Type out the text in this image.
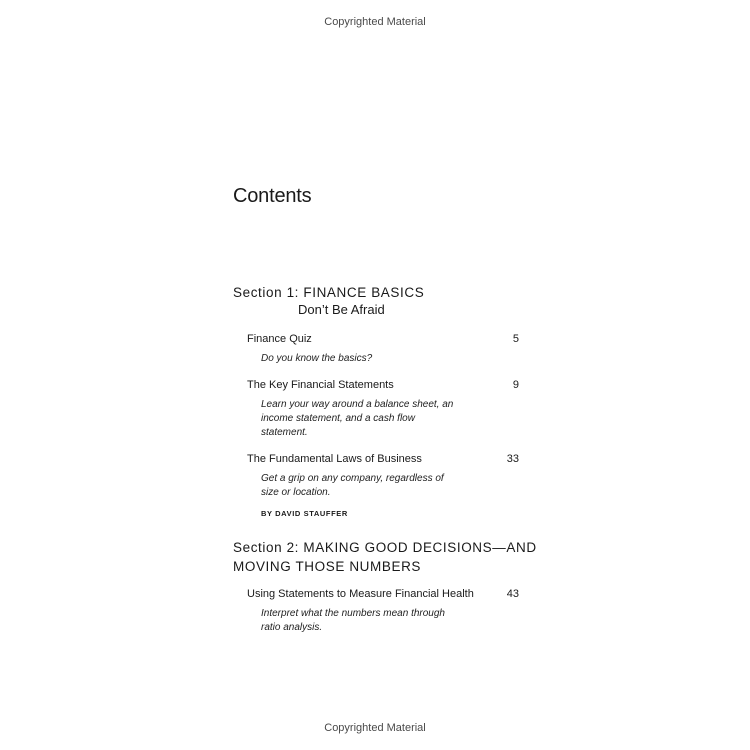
Copyrighted Material
Contents
Section 1: FINANCE BASICS
Don’t Be Afraid
Finance Quiz	5
Do you know the basics?
The Key Financial Statements	9
Learn your way around a balance sheet, an income statement, and a cash flow statement.
The Fundamental Laws of Business	33
Get a grip on any company, regardless of size or location.
BY DAVID STAUFFER
Section 2: MAKING GOOD DECISIONS—AND MOVING THOSE NUMBERS
Using Statements to Measure Financial Health	43
Interpret what the numbers mean through ratio analysis.
Copyrighted Material
